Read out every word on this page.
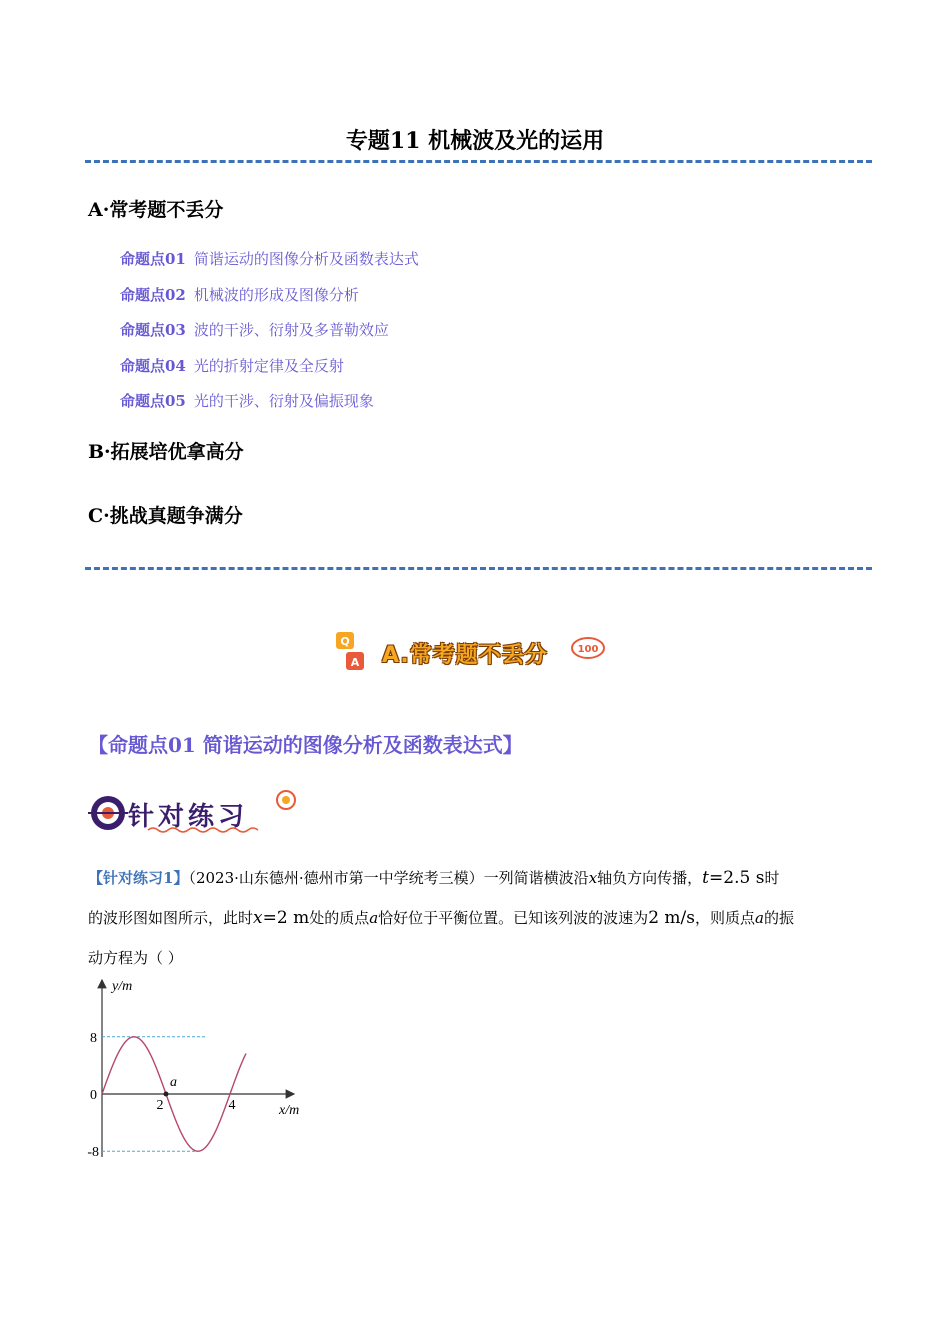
专题11 机械波及光的运用
A·常考题不丢分
命题点01 简谐运动的图像分析及函数表达式
命题点02 机械波的形成及图像分析
命题点03 波的干涉、衍射及多普勒效应
命题点04 光的折射定律及全反射
命题点05 光的干涉、衍射及偏振现象
B·拓展培优拿高分
C·挑战真题争满分
Q
A
100
A.常考题不丢分
【命题点01 简谐运动的图像分析及函数表达式】
针对练习
【针对练习1】（2023·山东德州·德州市第一中学统考三模）一列简谐横波沿x轴负方向传播，t=2.5 s时
的波形图如图所示，此时x=2 m处的质点a恰好位于平衡位置。已知该列波的波速为2 m/s，则质点a的振
动方程为（ ）
8
0
-8
2	4
y/m
x/m
a
